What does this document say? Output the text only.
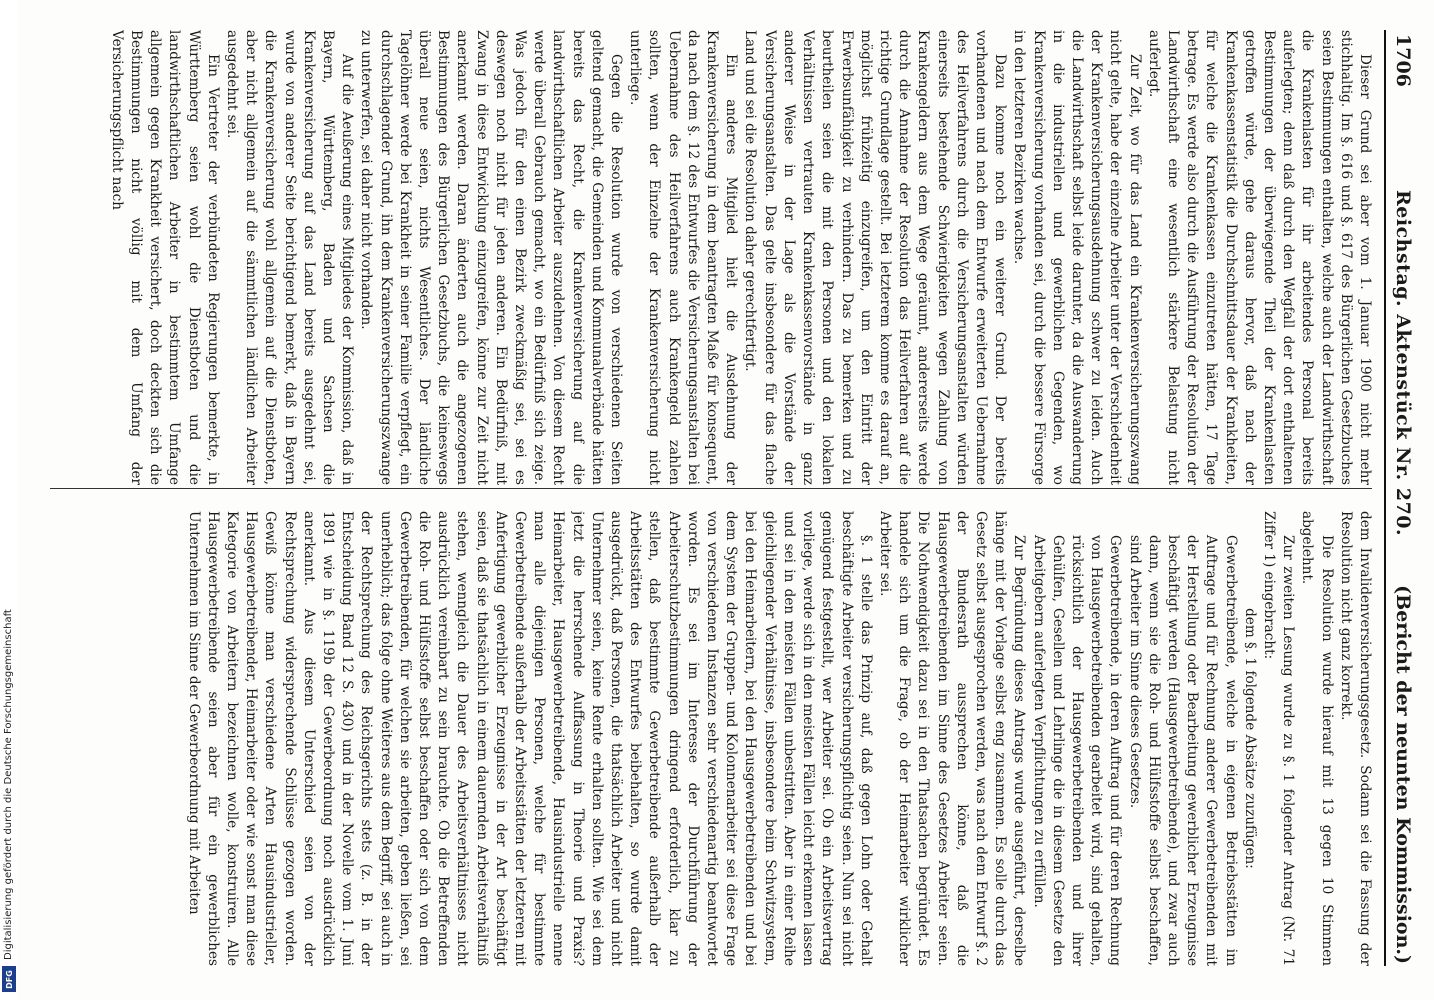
1706
Reichstag. Aktenstück Nr. 270.
(Bericht der neunten Kommission.)

Dieser Grund sei aber vom 1. Januar 1900 nicht mehr stichhaltig. Im §. 616 und §. 617 des Bürgerlichen Gesetzbuches seien Bestimmungen enthalten, welche auch der Landwirthschaft die Krankenlasten für ihr arbeitendes Personal bereits auferlegten; denn daß durch den Wegfall der dort enthaltenen Bestimmungen der überwiegende Theil der Krankenlasten getroffen würde, gehe daraus hervor, daß nach der Krankenkassenstatistik die Durchschnittsdauer der Krankheiten, für welche die Krankenkassen einzutreten hätten, 17 Tage betrage. Es werde also durch die Ausführung der Resolution der Landwirthschaft eine wesentlich stärkere Belastung nicht auferlegt.

Zur Zeit, wo für das Land ein Krankenversicherungszwang nicht gelte, habe der einzelne Arbeiter unter der Verschiedenheit der Krankenversicherungsausdehnung schwer zu leiden. Auch die Landwirthschaft selbst leide darunter, da die Auswanderung in die industriellen und gewerblichen Gegenden, wo Krankenversicherung vorhanden sei, durch die bessere Fürsorge in den letzteren Bezirken wachse.

Dazu komme noch ein weiterer Grund. Der bereits vorhandenen und nach dem Entwurfe erweiterten Uebernahme des Heilverfahrens durch die Versicherungsanstalten würden einerseits bestehende Schwierigkeiten wegen Zahlung von Krankengeldern aus dem Wege geräumt, andererseits werde durch die Annahme der Resolution das Heilverfahren auf die richtige Grundlage gestellt. Bei letzterem komme es darauf an, möglichst frühzeitig einzugreifen, um den Eintritt der Erwerbsunfähigkeit zu verhindern. Das zu bemerken und zu beurtheilen seien die mit den Personen und den lokalen Verhältnissen vertrauten Krankenkassenvorstände in ganz anderer Weise in der Lage als die Vorstände der Versicherungsanstalten. Das gelte insbesondere für das flache Land und sei die Resolution daher gerechtfertigt.

Ein anderes Mitglied hielt die Ausdehnung der Krankenversicherung in dem beantragten Maße für konsequent, da nach dem §. 12 des Entwurfes die Versicherungsanstalten bei Uebernahme des Heilverfahrens auch Krankengeld zahlen sollten, wenn der Einzelne der Krankenversicherung nicht unterliege.

Gegen die Resolution wurde von verschiedenen Seiten geltend gemacht, die Gemeinden und Kommunalverbände hätten bereits das Recht, die Krankenversicherung auf die landwirthschaftlichen Arbeiter auszudehnen. Von diesem Recht werde überall Gebrauch gemacht, wo ein Bedürfniß sich zeige. Was jedoch für den einen Bezirk zweckmäßig sei, sei es deswegen noch nicht für jeden anderen. Ein Bedürfniß, mit Zwang in diese Entwicklung einzugreifen, könne zur Zeit nicht anerkannt werden. Daran änderten auch die angezogenen Bestimmungen des Bürgerlichen Gesetzbuchs, die keineswegs überall neue seien, nichts Wesentliches. Der ländliche Tagelöhner werde bei Krankheit in seiner Familie verpflegt, ein durchschlagender Grund, ihn dem Krankenversicherungszwange zu unterwerfen, sei daher nicht vorhanden.

Auf die Aeußerung eines Mitgliedes der Kommission, daß in Bayern, Württemberg, Baden und Sachsen die Krankenversicherung auf das Land bereits ausgedehnt sei, wurde von anderer Seite berichtigend bemerkt, daß in Bayern die Krankenversicherung wohl allgemein auf die Dienstboten, aber nicht allgemein auf die sämmtlichen ländlichen Arbeiter ausgedehnt sei.

Ein Vertreter der verbündeten Regierungen bemerkte, in Württemberg seien wohl die Dienstboten und die landwirthschaftlichen Arbeiter in bestimmtem Umfange allgemein gegen Krankheit versichert, doch deckten sich die Bestimmungen nicht völlig mit dem Umfang der Versicherungspflicht nach

dem Invalidenversicherungsgesetz. Sodann sei die Fassung der Resolution nicht ganz korrekt.

Die Resolution wurde hierauf mit 13 gegen 10 Stimmen abgelehnt.

Zur zweiten Lesung wurde zu §. 1 folgender Antrag (Nr. 71 Ziffer 1) eingebracht:

dem §. 1 folgende Absätze zuzufügen:

Gewerbetreibende, welche in eigenen Betriebsstätten im Auftrage und für Rechnung anderer Gewerbetreibenden mit der Herstellung oder Bearbeitung gewerblicher Erzeugnisse beschäftigt werden (Hausgewerbetreibende), und zwar auch dann, wenn sie die Roh- und Hülfsstoffe selbst beschaffen, sind Arbeiter im Sinne dieses Gesetzes.

Gewerbetreibende, in deren Auftrag und für deren Rechnung von Hausgewerbetreibenden gearbeitet wird, sind gehalten, rücksichtlich der Hausgewerbetreibenden und ihrer Gehülfen, Gesellen und Lehrlinge die in diesem Gesetze den Arbeitgebern auferlegten Verpflichtungen zu erfüllen.

Zur Begründung dieses Antrags wurde ausgeführt, derselbe hänge mit der Vorlage selbst eng zusammen. Es solle durch das Gesetz selbst ausgesprochen werden, was nach dem Entwurf §. 2 der Bundesrath aussprechen könne, daß die Hausgewerbetreibenden im Sinne des Gesetzes Arbeiter seien. Die Nothwendigkeit dazu sei in den Thatsachen begründet. Es handele sich um die Frage, ob der Heimarbeiter wirklicher Arbeiter sei.

§. 1 stelle das Prinzip auf, daß gegen Lohn oder Gehalt beschäftigte Arbeiter versicherungspflichtig seien. Nun sei nicht genügend festgestellt, wer Arbeiter sei. Ob ein Arbeitsvertrag vorliege, werde sich in den meisten Fällen leicht erkennen lassen und sei in den meisten Fällen unbestritten. Aber in einer Reihe gleichliegender Verhältnisse, insbesondere beim Schwitzsystem, bei den Heimarbeitern, bei den Hausgewerbetreibenden und bei dem System der Gruppen- und Kolonnenarbeiter sei diese Frage von verschiedenen Instanzen sehr verschiedenartig beantwortet worden. Es sei im Interesse der Durchführung der Arbeiterschutzbestimmungen dringend erforderlich, klar zu stellen, daß bestimmte Gewerbetreibende außerhalb der Arbeitsstätten des Entwurfes beibehalten, so wurde damit ausgedrückt, daß Personen, die thatsächlich Arbeiter und nicht Unternehmer seien, keine Rente erhalten sollten. Wie sei dem jetzt die herrschende Auffassung in Theorie und Praxis? Heimarbeiter, Hausgewerbetreibende, Hausindustrielle nenne man alle diejenigen Personen, welche für bestimmte Gewerbetreibende außerhalb der Arbeitsstätten der letzteren mit Anfertigung gewerblicher Erzeugnisse in der Art beschäftigt seien, daß sie thatsächlich in einem dauernden Arbeitsverhältniß stehen, wenngleich die Dauer des Arbeitsverhältnisses nicht ausdrücklich vereinbart zu sein brauchte. Ob die Betreffenden die Roh- und Hülfsstoffe selbst beschaffen oder sich von dem Gewerbetreibenden, für welchen sie arbeiten, geben ließen, sei unerheblich; das folge ohne Weiteres aus dem Begriff, sei auch in der Rechtsprechung des Reichsgerichts stets (z. B. in der Entscheidung Band 12 S. 430) und in der Novelle vom 1. Juni 1891 wie in §. 119b der Gewerbeordnung noch ausdrücklich anerkannt. Aus diesem Unterschied seien von der Rechtsprechung widersprechende Schlüsse gezogen worden. Gewiß könne man verschiedene Arten Hausindustrieller, Hausgewerbetreibender, Heimarbeiter oder wie sonst man diese Kategorie von Arbeitern bezeichnen wolle, konstruiren. Alle Hausgewerbetreibende seien aber für ein gewerbliches Unternehmen im Sinne der Gewerbeordnung mit Arbeiten

Digitalisierung gefördert durch die Deutsche Forschungsgemeinschaft
DFG
